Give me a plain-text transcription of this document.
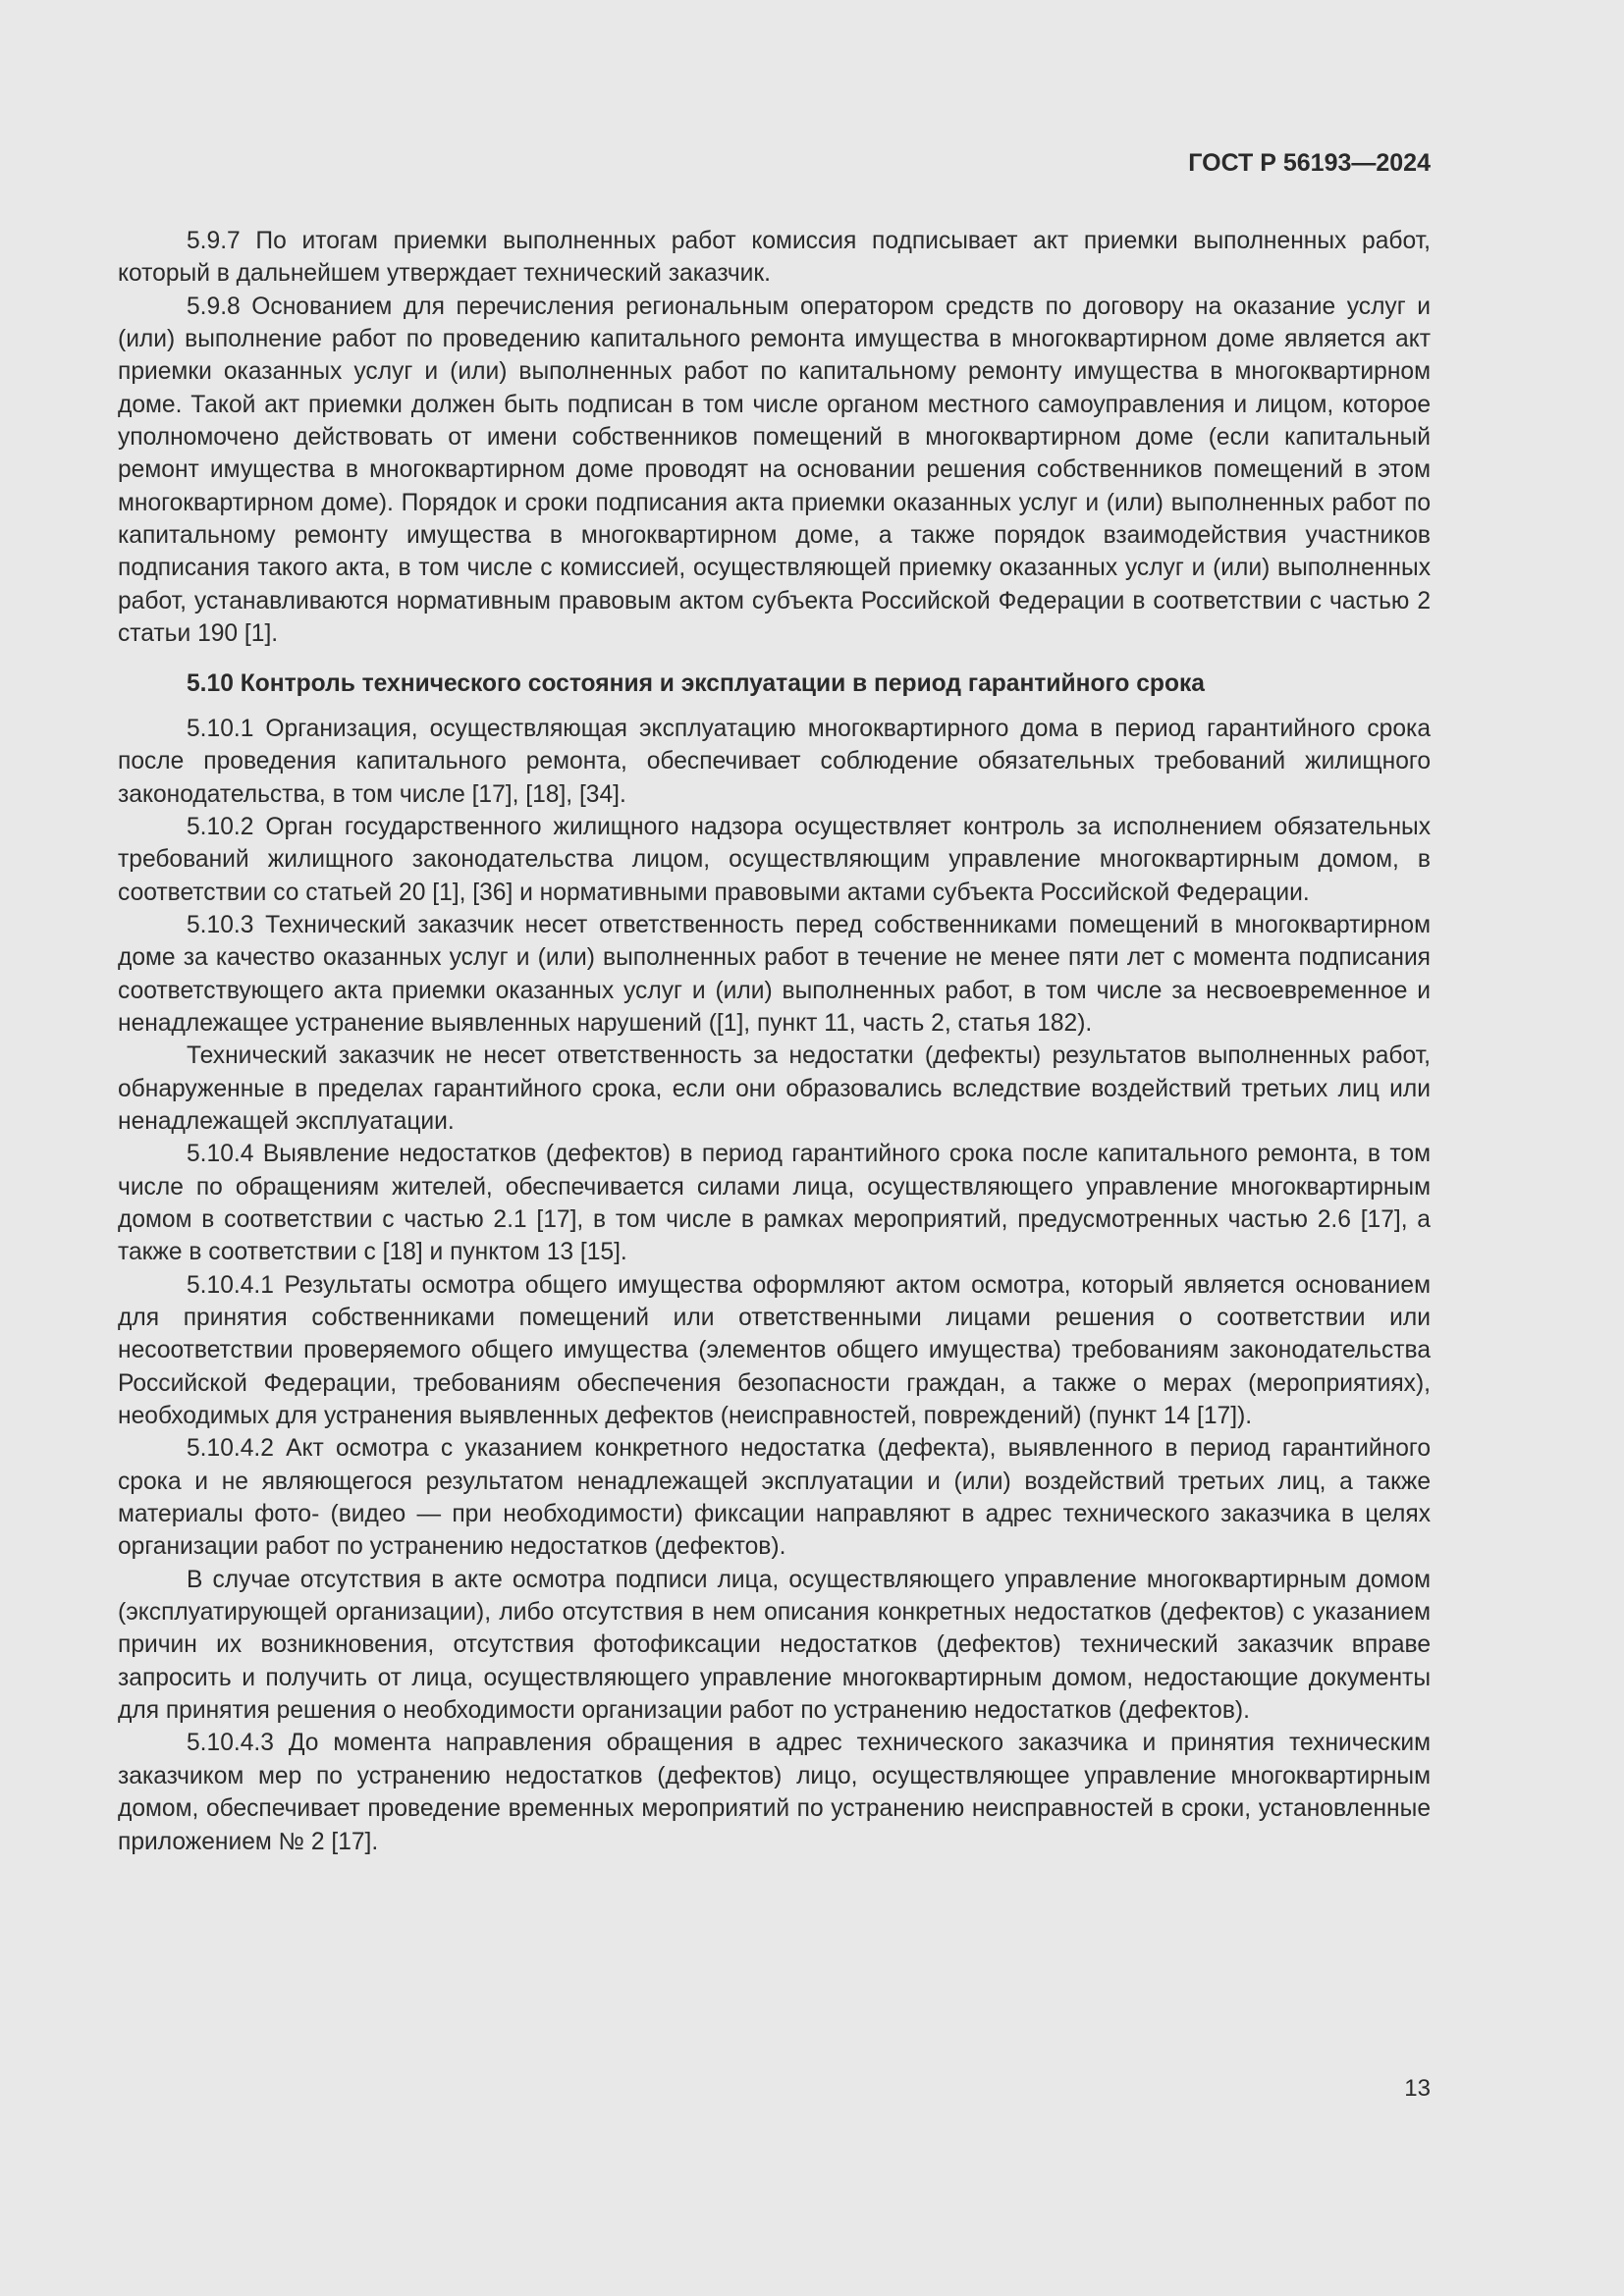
ГОСТ Р 56193—2024

5.9.7 По итогам приемки выполненных работ комиссия подписывает акт приемки выполненных работ, который в дальнейшем утверждает технический заказчик.

5.9.8 Основанием для перечисления региональным оператором средств по договору на оказание услуг и (или) выполнение работ по проведению капитального ремонта имущества в многоквартирном доме является акт приемки оказанных услуг и (или) выполненных работ по капитальному ремонту имущества в многоквартирном доме. Такой акт приемки должен быть подписан в том числе органом местного самоуправления и лицом, которое уполномочено действовать от имени собственников помещений в многоквартирном доме (если капитальный ремонт имущества в многоквартирном доме проводят на основании решения собственников помещений в этом многоквартирном доме). Порядок и сроки подписания акта приемки оказанных услуг и (или) выполненных работ по капитальному ремонту имущества в многоквартирном доме, а также порядок взаимодействия участников подписания такого акта, в том числе с комиссией, осуществляющей приемку оказанных услуг и (или) выполненных работ, устанавливаются нормативным правовым актом субъекта Российской Федерации в соответствии с частью 2 статьи 190 [1].

5.10 Контроль технического состояния и эксплуатации в период гарантийного срока

5.10.1 Организация, осуществляющая эксплуатацию многоквартирного дома в период гарантийного срока после проведения капитального ремонта, обеспечивает соблюдение обязательных требований жилищного законодательства, в том числе [17], [18], [34].

5.10.2 Орган государственного жилищного надзора осуществляет контроль за исполнением обязательных требований жилищного законодательства лицом, осуществляющим управление многоквартирным домом, в соответствии со статьей 20 [1], [36] и нормативными правовыми актами субъекта Российской Федерации.

5.10.3 Технический заказчик несет ответственность перед собственниками помещений в многоквартирном доме за качество оказанных услуг и (или) выполненных работ в течение не менее пяти лет с момента подписания соответствующего акта приемки оказанных услуг и (или) выполненных работ, в том числе за несвоевременное и ненадлежащее устранение выявленных нарушений ([1], пункт 11, часть 2, статья 182).

Технический заказчик не несет ответственность за недостатки (дефекты) результатов выполненных работ, обнаруженные в пределах гарантийного срока, если они образовались вследствие воздействий третьих лиц или ненадлежащей эксплуатации.

5.10.4 Выявление недостатков (дефектов) в период гарантийного срока после капитального ремонта, в том числе по обращениям жителей, обеспечивается силами лица, осуществляющего управление многоквартирным домом в соответствии с частью 2.1 [17], в том числе в рамках мероприятий, предусмотренных частью 2.6 [17], а также в соответствии с [18] и пунктом 13 [15].

5.10.4.1 Результаты осмотра общего имущества оформляют актом осмотра, который является основанием для принятия собственниками помещений или ответственными лицами решения о соответствии или несоответствии проверяемого общего имущества (элементов общего имущества) требованиям законодательства Российской Федерации, требованиям обеспечения безопасности граждан, а также о мерах (мероприятиях), необходимых для устранения выявленных дефектов (неисправностей, повреждений) (пункт 14 [17]).

5.10.4.2 Акт осмотра с указанием конкретного недостатка (дефекта), выявленного в период гарантийного срока и не являющегося результатом ненадлежащей эксплуатации и (или) воздействий третьих лиц, а также материалы фото- (видео — при необходимости) фиксации направляют в адрес технического заказчика в целях организации работ по устранению недостатков (дефектов).

В случае отсутствия в акте осмотра подписи лица, осуществляющего управление многоквартирным домом (эксплуатирующей организации), либо отсутствия в нем описания конкретных недостатков (дефектов) с указанием причин их возникновения, отсутствия фотофиксации недостатков (дефектов) технический заказчик вправе запросить и получить от лица, осуществляющего управление многоквартирным домом, недостающие документы для принятия решения о необходимости организации работ по устранению недостатков (дефектов).

5.10.4.3 До момента направления обращения в адрес технического заказчика и принятия техническим заказчиком мер по устранению недостатков (дефектов) лицо, осуществляющее управление многоквартирным домом, обеспечивает проведение временных мероприятий по устранению неисправностей в сроки, установленные приложением № 2 [17].

13
